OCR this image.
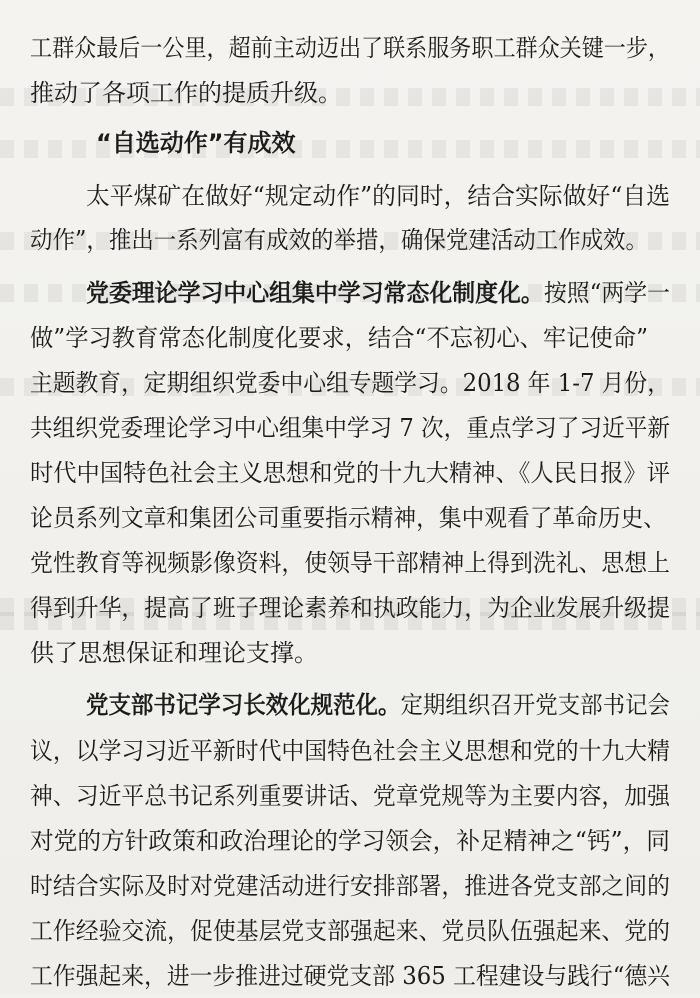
工群众最后一公里，超前主动迈出了联系服务职工群众关键一步，
推动了各项工作的提质升级。
“自选动作”有成效
太平煤矿在做好“规定动作”的同时，结合实际做好“自选
动作”，推出一系列富有成效的举措，确保党建活动工作成效。
党委理论学习中心组集中学习常态化制度化。按照“两学一
做”学习教育常态化制度化要求，结合“不忘初心、牢记使命”
主题教育，定期组织党委中心组专题学习。2018 年 1-7 月份，
共组织党委理论学习中心组集中学习 7 次，重点学习了习近平新
时代中国特色社会主义思想和党的十九大精神、《人民日报》评
论员系列文章和集团公司重要指示精神，集中观看了革命历史、
党性教育等视频影像资料，使领导干部精神上得到洗礼、思想上
得到升华，提高了班子理论素养和执政能力，为企业发展升级提
供了思想保证和理论支撑。
党支部书记学习长效化规范化。定期组织召开党支部书记会
议，以学习习近平新时代中国特色社会主义思想和党的十九大精
神、习近平总书记系列重要讲话、党章党规等为主要内容，加强
对党的方针政策和政治理论的学习领会，补足精神之“钙”，同
时结合实际及时对党建活动进行安排部署，推进各党支部之间的
工作经验交流，促使基层党支部强起来、党员队伍强起来、党的
工作强起来，进一步推进过硬党支部 365 工程建设与践行“德兴
